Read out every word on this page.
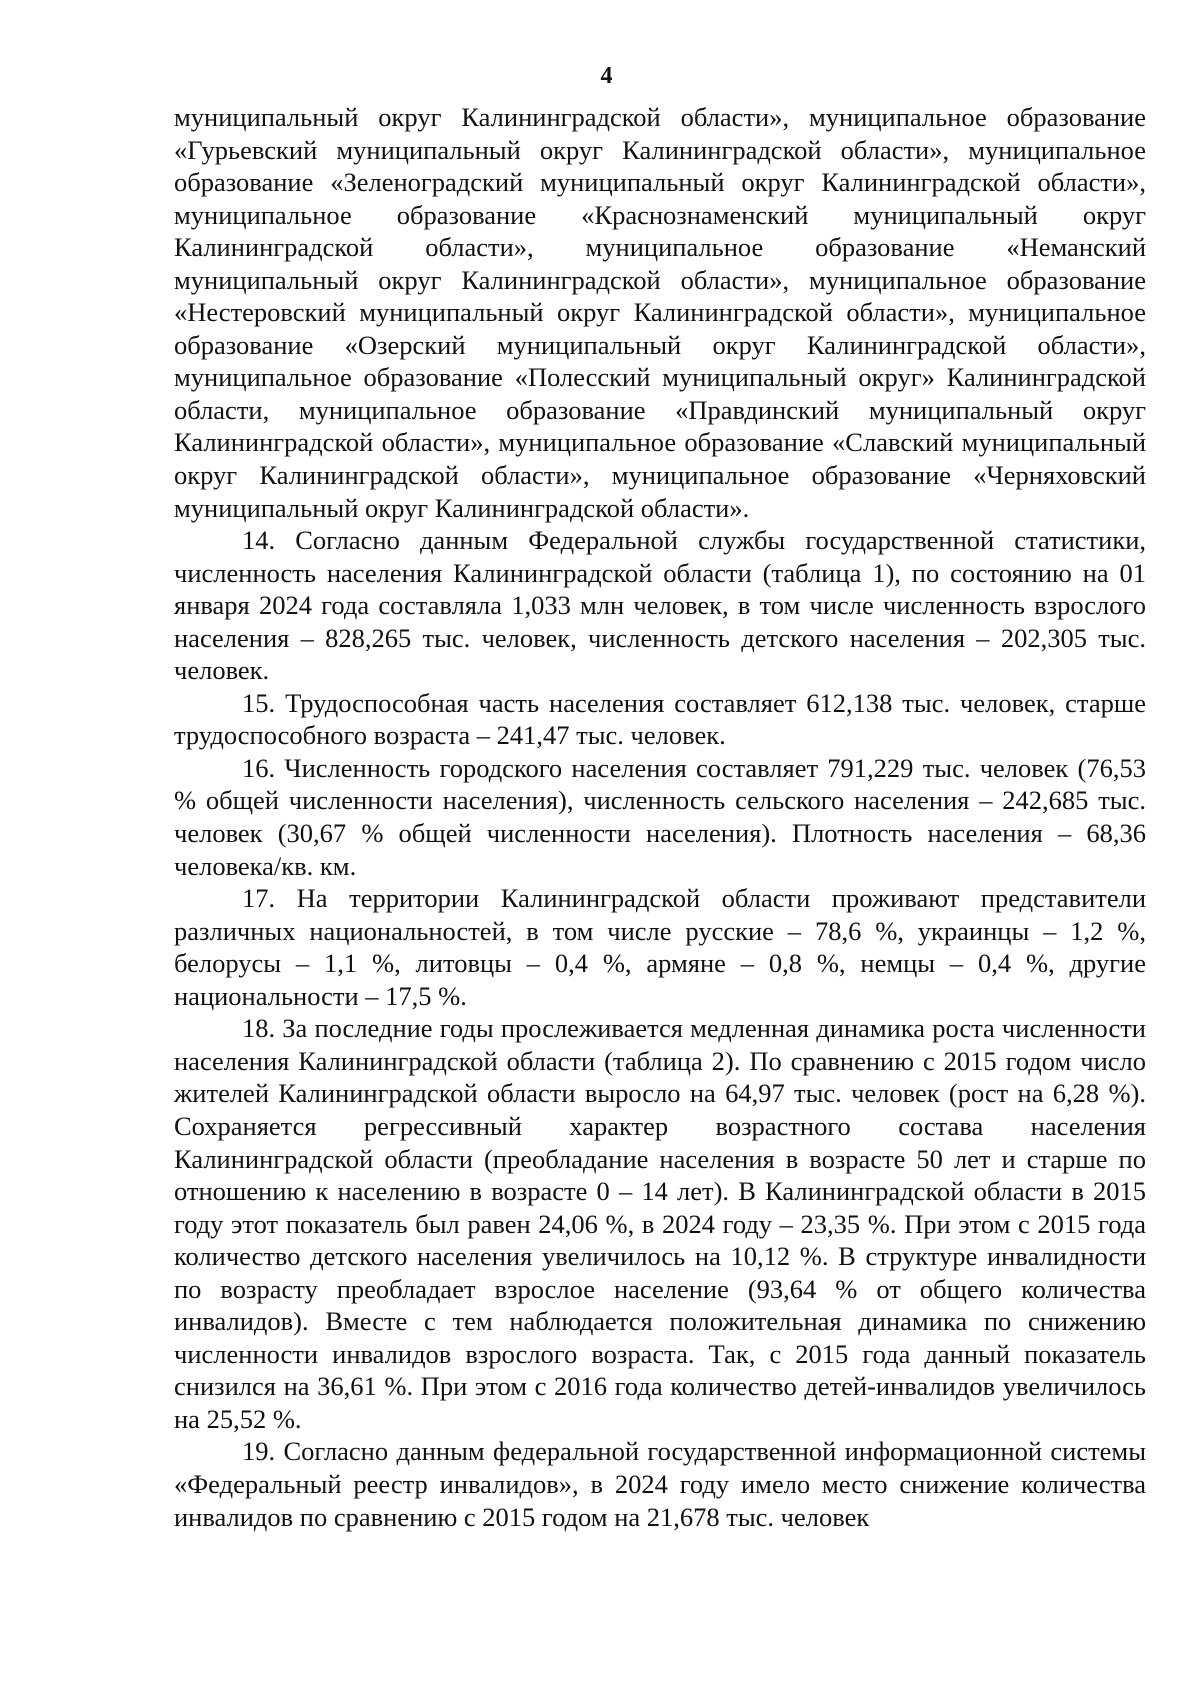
4

муниципальный округ Калининградской области», муниципальное образование «Гурьевский муниципальный округ Калининградской области», муниципальное образование «Зеленоградский муниципальный округ Калининградской области», муниципальное образование «Краснознаменский муниципальный округ Калининградской области», муниципальное образование «Неманский муниципальный округ Калининградской области», муниципальное образование «Нестеровский муниципальный округ Калининградской области», муниципальное образование «Озерский муниципальный округ Калининградской области», муниципальное образование «Полесский муниципальный округ» Калининградской области, муниципальное образование «Правдинский муниципальный округ Калининградской области», муниципальное образование «Славский муниципальный округ Калининградской области», муниципальное образование «Черняховский муниципальный округ Калининградской области».

14. Согласно данным Федеральной службы государственной статистики, численность населения Калининградской области (таблица 1), по состоянию на 01 января 2024 года составляла 1,033 млн человек, в том числе численность взрослого населения – 828,265 тыс. человек, численность детского населения – 202,305 тыс. человек.

15. Трудоспособная часть населения составляет 612,138 тыс. человек, старше трудоспособного возраста – 241,47 тыс. человек.

16. Численность городского населения составляет 791,229 тыс. человек (76,53 % общей численности населения), численность сельского населения – 242,685 тыс. человек (30,67 % общей численности населения). Плотность населения – 68,36 человека/кв. км.

17. На территории Калининградской области проживают представители различных национальностей, в том числе русские – 78,6 %, украинцы – 1,2 %, белорусы – 1,1 %, литовцы – 0,4 %, армяне – 0,8 %, немцы – 0,4 %, другие национальности – 17,5 %.

18. За последние годы прослеживается медленная динамика роста численности населения Калининградской области (таблица 2). По сравнению с 2015 годом число жителей Калининградской области выросло на 64,97 тыс. человек (рост на 6,28 %). Сохраняется регрессивный характер возрастного состава населения Калининградской области (преобладание населения в возрасте 50 лет и старше по отношению к населению в возрасте 0 – 14 лет). В Калининградской области в 2015 году этот показатель был равен 24,06 %, в 2024 году – 23,35 %. При этом с 2015 года количество детского населения увеличилось на 10,12 %. В структуре инвалидности по возрасту преобладает взрослое население (93,64 % от общего количества инвалидов). Вместе с тем наблюдается положительная динамика по снижению численности инвалидов взрослого возраста. Так, с 2015 года данный показатель снизился на 36,61 %. При этом с 2016 года количество детей-инвалидов увеличилось на 25,52 %.

19. Согласно данным федеральной государственной информационной системы «Федеральный реестр инвалидов», в 2024 году имело место снижение количества инвалидов по сравнению с 2015 годом на 21,678 тыс. человек
